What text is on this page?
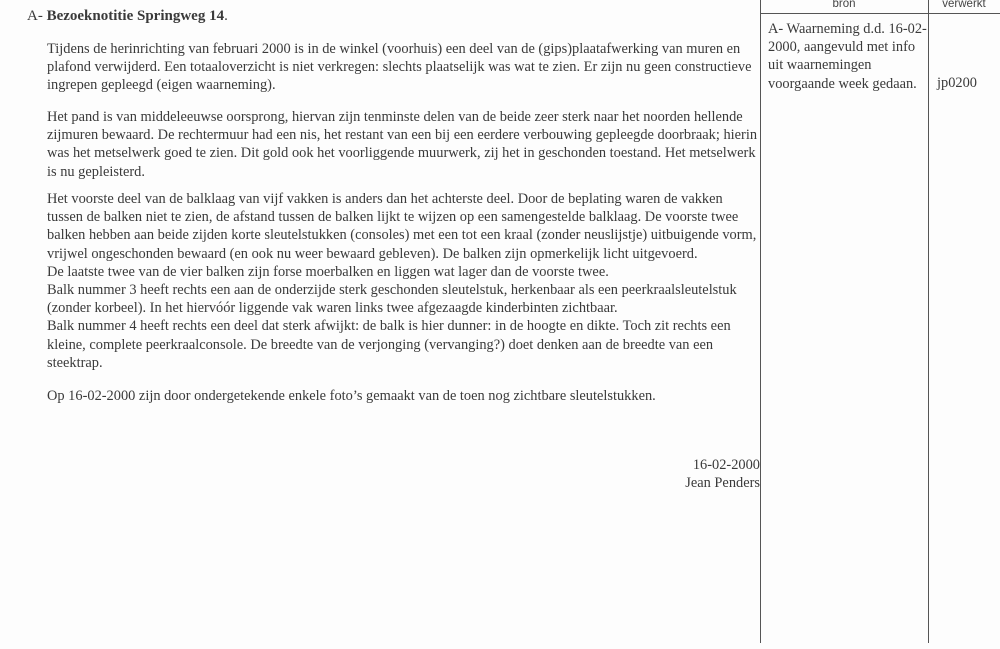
A- Bezoeknotitie Springweg 14.

Tijdens de herinrichting van februari 2000 is in de winkel (voorhuis) een deel van de (gips)plaatafwerking van muren en plafond verwijderd. Een totaaloverzicht is niet verkregen: slechts plaatselijk was wat te zien. Er zijn nu geen constructieve ingrepen gepleegd (eigen waarneming).

Het pand is van middeleeuwse oorsprong, hiervan zijn tenminste delen van de beide zeer sterk naar het noorden hellende zijmuren bewaard. De rechtermuur had een nis, het restant van een bij een eerdere verbouwing gepleegde doorbraak; hierin was het metselwerk goed te zien. Dit gold ook het voorliggende muurwerk, zij het in geschonden toestand. Het metselwerk is nu gepleisterd.

Het voorste deel van de balklaag van vijf vakken is anders dan het achterste deel. Door de beplating waren de vakken tussen de balken niet te zien, de afstand tussen de balken lijkt te wijzen op een samengestelde balklaag. De voorste twee balken hebben aan beide zijden korte sleutelstukken (consoles) met een tot een kraal (zonder neuslijstje) uitbuigende vorm, vrijwel ongeschonden bewaard (en ook nu weer bewaard gebleven). De balken zijn opmerkelijk licht uitgevoerd.

De laatste twee van de vier balken zijn forse moerbalken en liggen wat lager dan de voorste twee.

Balk nummer 3 heeft rechts een aan de onderzijde sterk geschonden sleutelstuk, herkenbaar als een peerkraalsleutelstuk (zonder korbeel). In het hiervóór liggende vak waren links twee afgezaagde kinderbinten zichtbaar.

Balk nummer 4 heeft rechts een deel dat sterk afwijkt: de balk is hier dunner: in de hoogte en dikte. Toch zit rechts een kleine, complete peerkraalconsole. De breedte van de verjonging (vervanging?) doet denken aan de breedte van een steektrap.

Op 16-02-2000 zijn door ondergetekende enkele foto’s gemaakt van de toen nog zichtbare sleutelstukken.

16-02-2000
Jean Penders
bron	verwerkt
A- Waarneming d.d. 16-02-2000, aangevuld met info uit waarnemingen voorgaande week gedaan.	jp0200
